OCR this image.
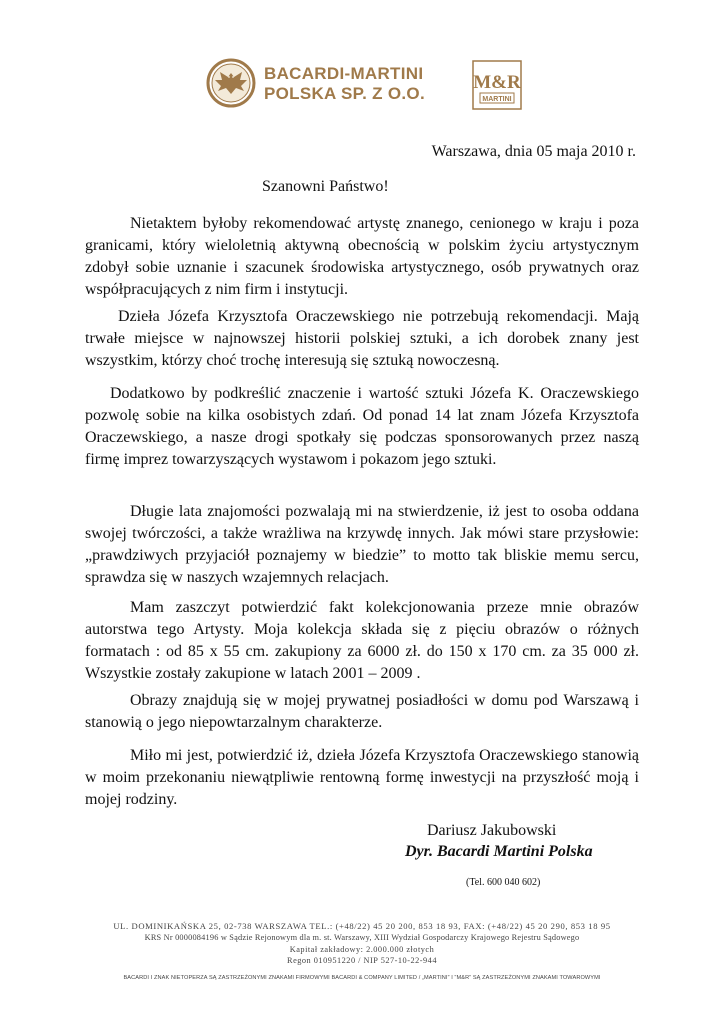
BACARDI-MARTINI
POLSKA SP. Z O.O.
M&R
MARTINI
Warszawa, dnia 05 maja 2010 r.
Szanowni Państwo!

Nietaktem byłoby rekomendować artystę znanego, cenionego w kraju i poza granicami, który wieloletnią aktywną obecnością w polskim życiu artystycznym zdobył sobie uznanie i szacunek środowiska artystycznego, osób prywatnych oraz współpracujących z nim firm i instytucji.

Dzieła Józefa Krzysztofa Oraczewskiego nie potrzebują rekomendacji. Mają trwałe miejsce w najnowszej historii polskiej sztuki, a ich dorobek znany jest wszystkim, którzy choć trochę interesują się sztuką nowoczesną.

Dodatkowo by podkreślić znaczenie i wartość sztuki Józefa K. Oraczewskiego pozwolę sobie na kilka osobistych zdań. Od ponad 14 lat znam Józefa Krzysztofa Oraczewskiego, a nasze drogi spotkały się podczas sponsorowanych przez naszą firmę imprez towarzyszących wystawom i pokazom jego sztuki.

Długie lata znajomości pozwalają mi na stwierdzenie, iż jest to osoba oddana swojej twórczości, a także wrażliwa na krzywdę innych. Jak mówi stare przysłowie: „prawdziwych przyjaciół poznajemy w biedzie” to motto tak bliskie memu sercu, sprawdza się w naszych wzajemnych relacjach.

Mam zaszczyt potwierdzić fakt kolekcjonowania przeze mnie obrazów autorstwa tego Artysty. Moja kolekcja składa się z pięciu obrazów o różnych formatach : od 85 x 55 cm. zakupiony za 6000 zł. do 150 x 170 cm. za 35 000 zł. Wszystkie zostały zakupione w latach 2001 – 2009 .

Obrazy znajdują się w mojej prywatnej posiadłości w domu pod Warszawą i stanowią o jego niepowtarzalnym charakterze.

Miło mi jest, potwierdzić iż, dzieła Józefa Krzysztofa Oraczewskiego stanowią w moim przekonaniu niewątpliwie rentowną formę inwestycji na przyszłość moją i mojej rodziny.

Dariusz Jakubowski
Dyr. Bacardi Martini Polska
(Tel. 600 040 602)
UL. DOMINIKAŃSKA 25, 02-738 WARSZAWA TEL.: (+48/22) 45 20 200, 853 18 93, FAX: (+48/22) 45 20 290, 853 18 95
KRS Nr 0000084196 w Sądzie Rejonowym dla m. st. Warszawy, XIII Wydział Gospodarczy Krajowego Rejestru Sądowego
Kapitał zakładowy: 2.000.000 złotych
Regon 010951220 / NIP 527-10-22-944
BACARDI I ZNAK NIETOPERZA SĄ ZASTRZEŻONYMI ZNAKAMI FIRMOWYMI BACARDI & COMPANY LIMITED / „MARTINI” I “M&R” SĄ ZASTRZEŻONYMI ZNAKAMI TOWAROWYMI
